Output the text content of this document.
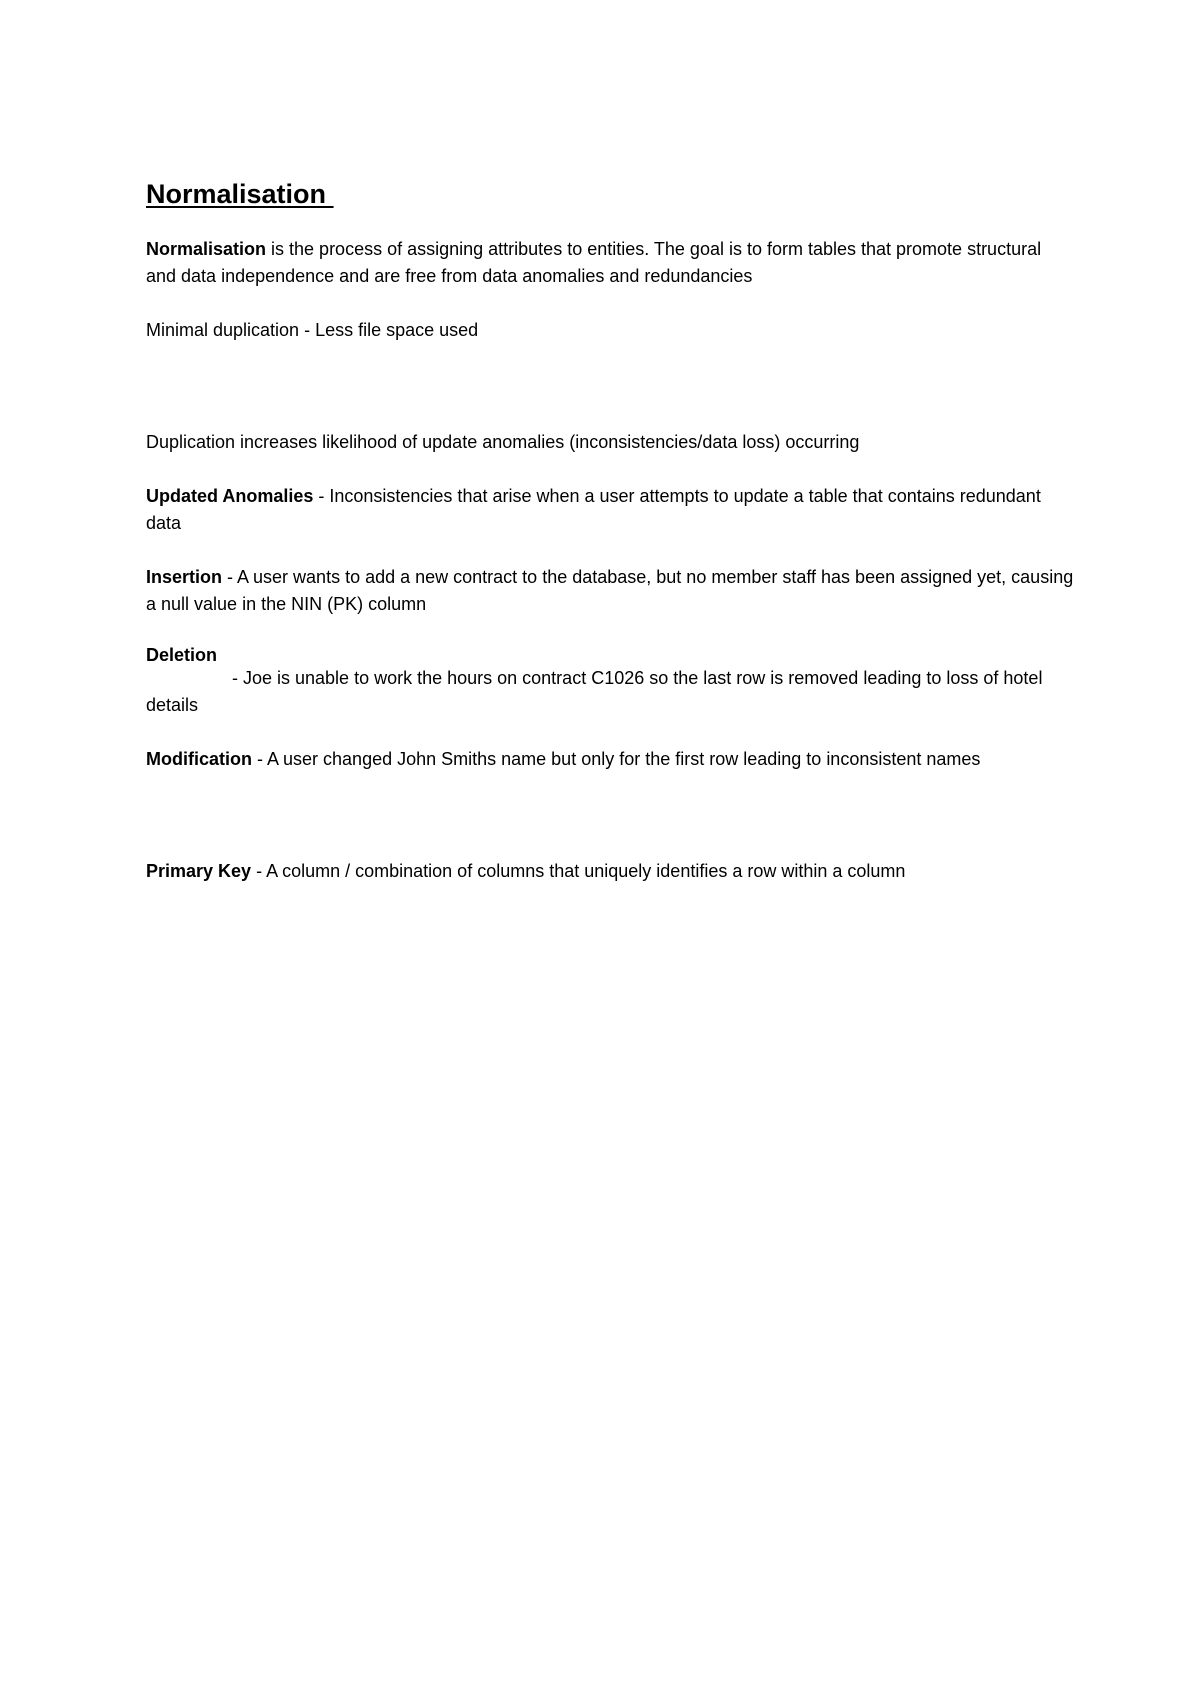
Normalisation

Normalisation is the process of assigning attributes to entities. The goal is to form tables that promote structural and data independence and are free from data anomalies and redundancies

Minimal duplication - Less file space used

Duplication increases likelihood of update anomalies (inconsistencies/data loss) occurring

Updated Anomalies - Inconsistencies that arise when a user attempts to update a table that contains redundant data

Insertion - A user wants to add a new contract to the database, but no member staff has been assigned yet, causing a null value in the NIN (PK) column

Deletion
- Joe is unable to work the hours on contract C1026 so the last row is removed leading to loss of hotel details

Modification - A user changed John Smiths name but only for the first row leading to inconsistent names

Primary Key - A column / combination of columns that uniquely identifies a row within a column
